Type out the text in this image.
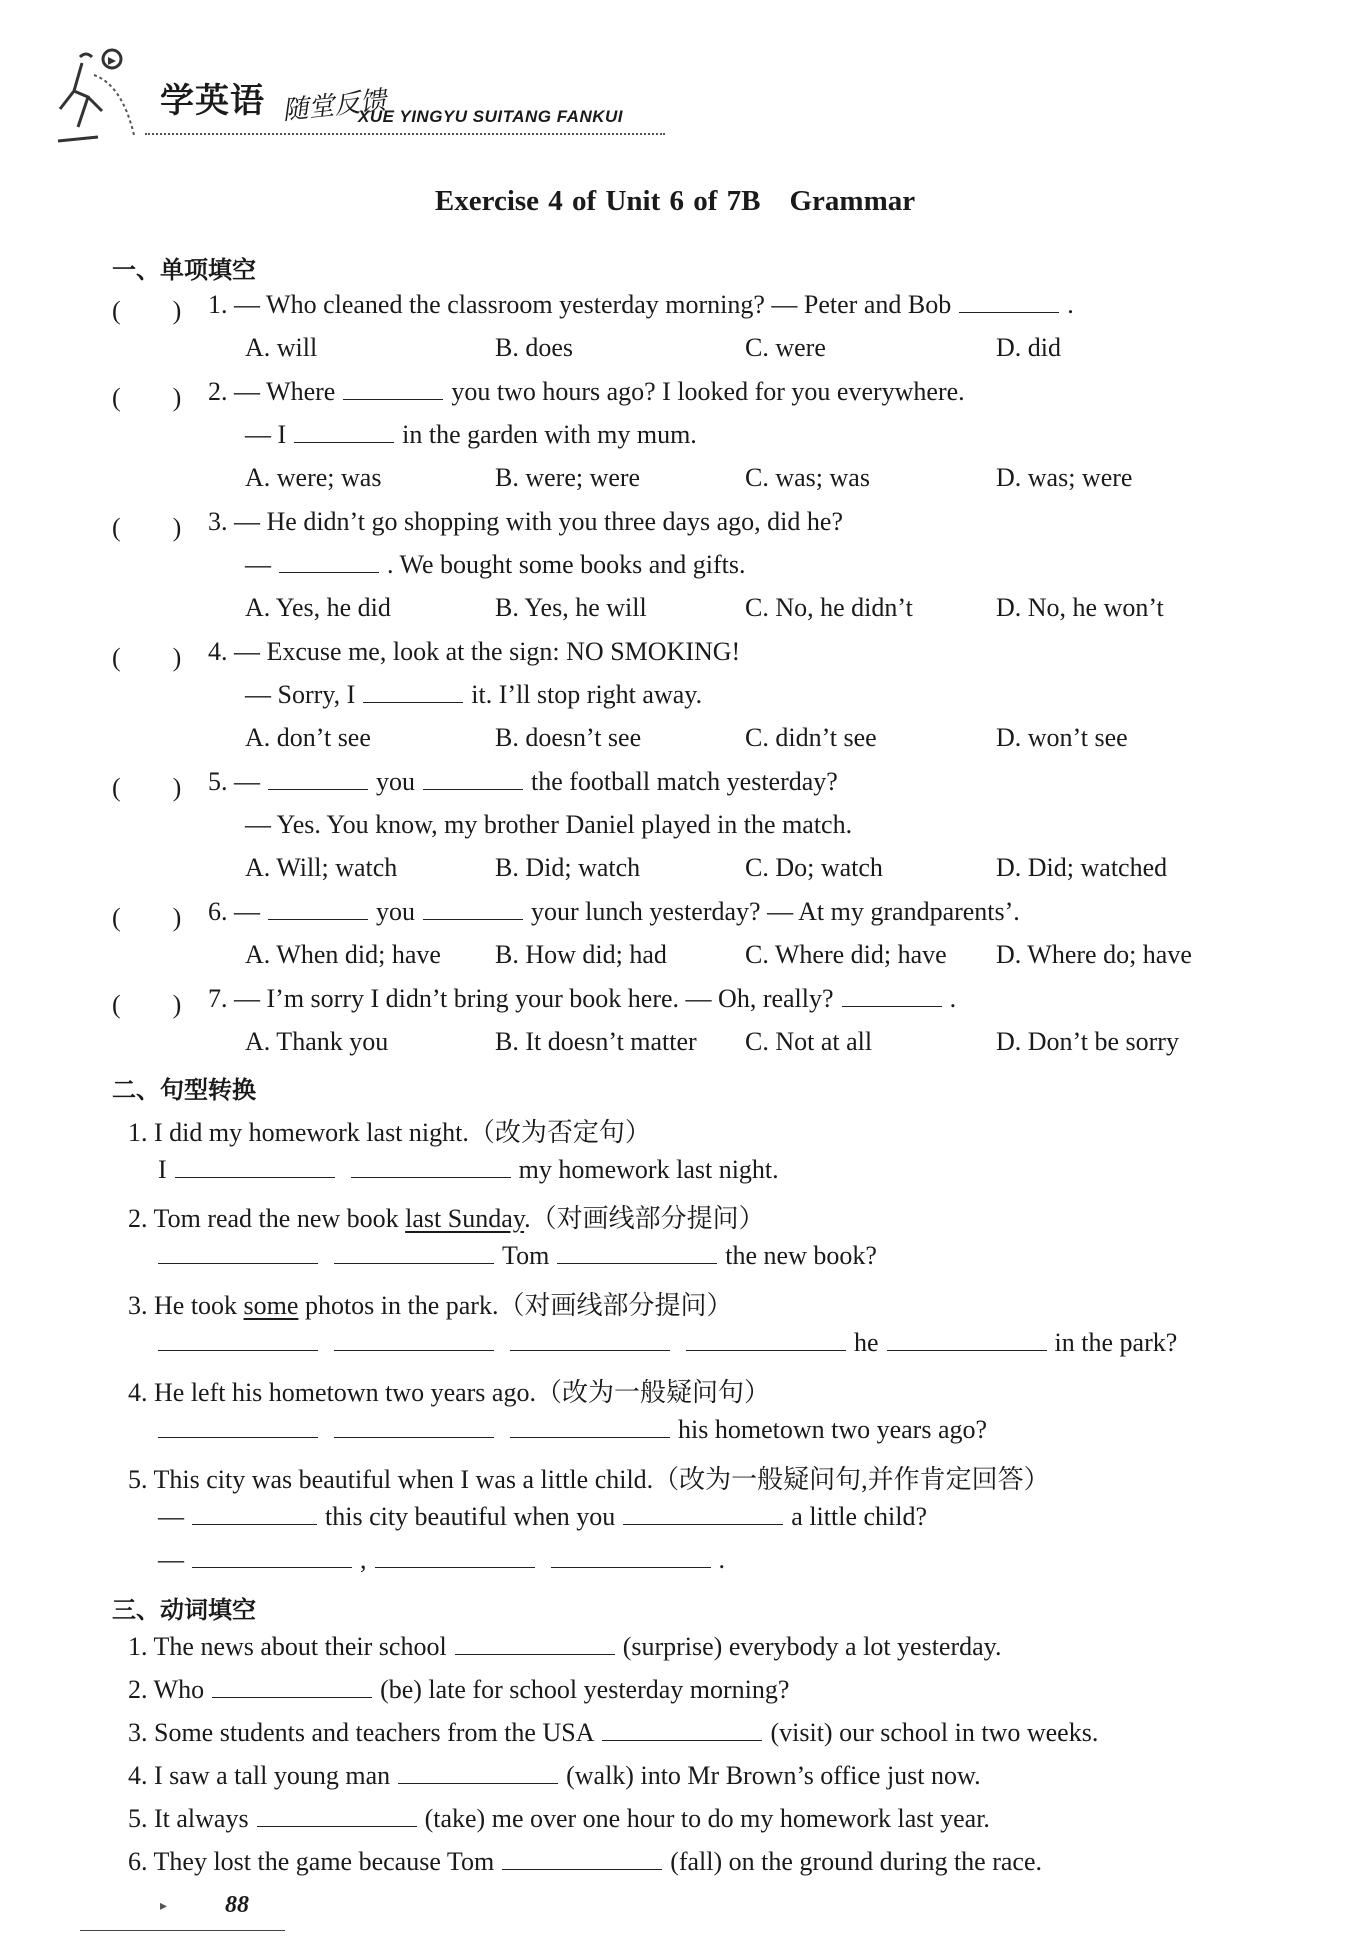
学英语 随堂反馈
XUE YINGYU SUITANG FANKUI
Exercise 4 of Unit 6 of 7B　Grammar
一、单项填空
(　　) 1. — Who cleaned the classroom yesterday morning? — Peter and Bob	.
A. will	B. does	C. were	D. did
(　　) 2. — Where	you two hours ago? I looked for you everywhere.
— I	in the garden with my mum.
A. were; was	B. were; were	C. was; was	D. was; were
(　　) 3. — He didn’t go shopping with you three days ago, did he?
—	. We bought some books and gifts.
A. Yes, he did	B. Yes, he will	C. No, he didn’t	D. No, he won’t
(　　) 4. — Excuse me, look at the sign: NO SMOKING!
— Sorry, I	it. I’ll stop right away.
A. don’t see	B. doesn’t see	C. didn’t see	D. won’t see
(　　) 5. —	you	the football match yesterday?
— Yes. You know, my brother Daniel played in the match.
A. Will; watch	B. Did; watch	C. Do; watch	D. Did; watched
(　　) 6. —	you	your lunch yesterday? — At my grandparents’.
A. When did; have B. How did; had	C. Where did; have D. Where do; have
(　　) 7. — I’m sorry I didn’t bring your book here. — Oh, really?	.
A. Thank you	B. It doesn’t matter C. Not at all	D. Don’t be sorry
二、句型转换
1. I did my homework last night.（改为否定句）
I	my homework last night.
2. Tom read the new book last Sunday.（对画线部分提问）
Tom	the new book?
3. He took some photos in the park.（对画线部分提问）
he	in the park?
4. He left his hometown two years ago.（改为一般疑问句）
his hometown two years ago?
5. This city was beautiful when I was a little child.（改为一般疑问句,并作肯定回答）
—	this city beautiful when you	a little child?
—	,	.
三、动词填空
1. The news about their school	(surprise) everybody a lot yesterday.
2. Who	(be) late for school yesterday morning?
3. Some students and teachers from the USA	(visit) our school in two weeks.
4. I saw a tall young man	(walk) into Mr Brown’s office just now.
5. It always	(take) me over one hour to do my homework last year.
6. They lost the game because Tom	(fall) on the ground during the race.
▸ 88
